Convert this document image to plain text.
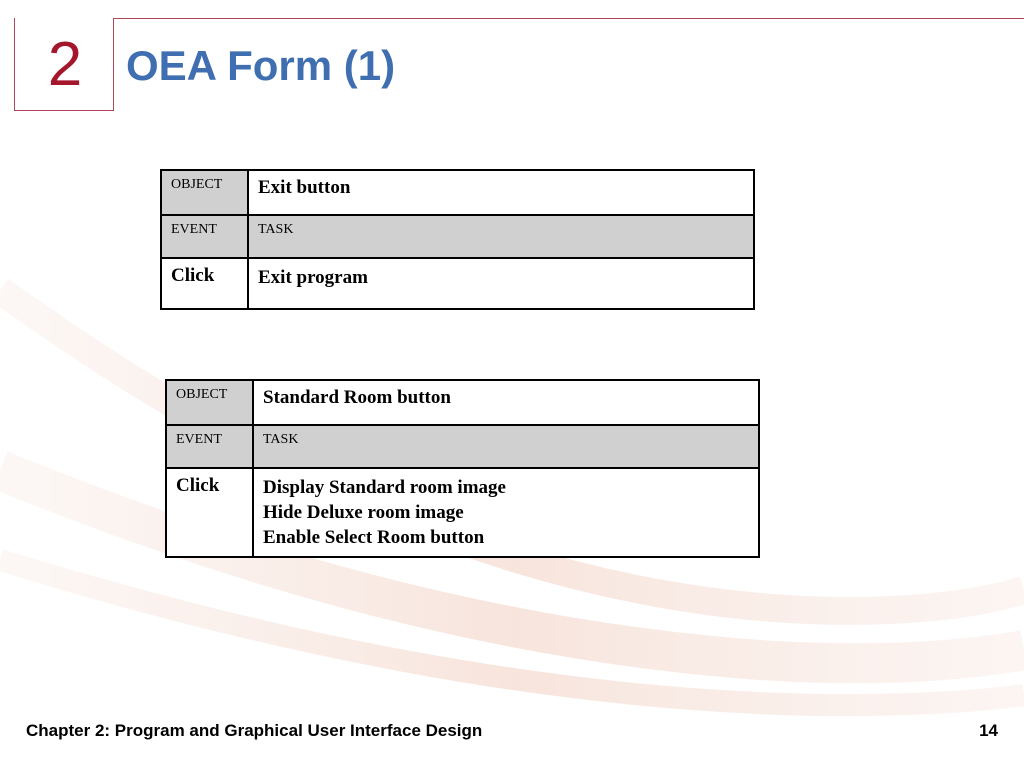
2	OEA Form (1)
OBJECT	Exit button
EVENT	TASK
Click	Exit program
OBJECT	Standard Room button
EVENT	TASK
Click	Display Standard room image
Hide Deluxe room image
Enable Select Room button
Chapter 2: Program and Graphical User Interface Design	14
